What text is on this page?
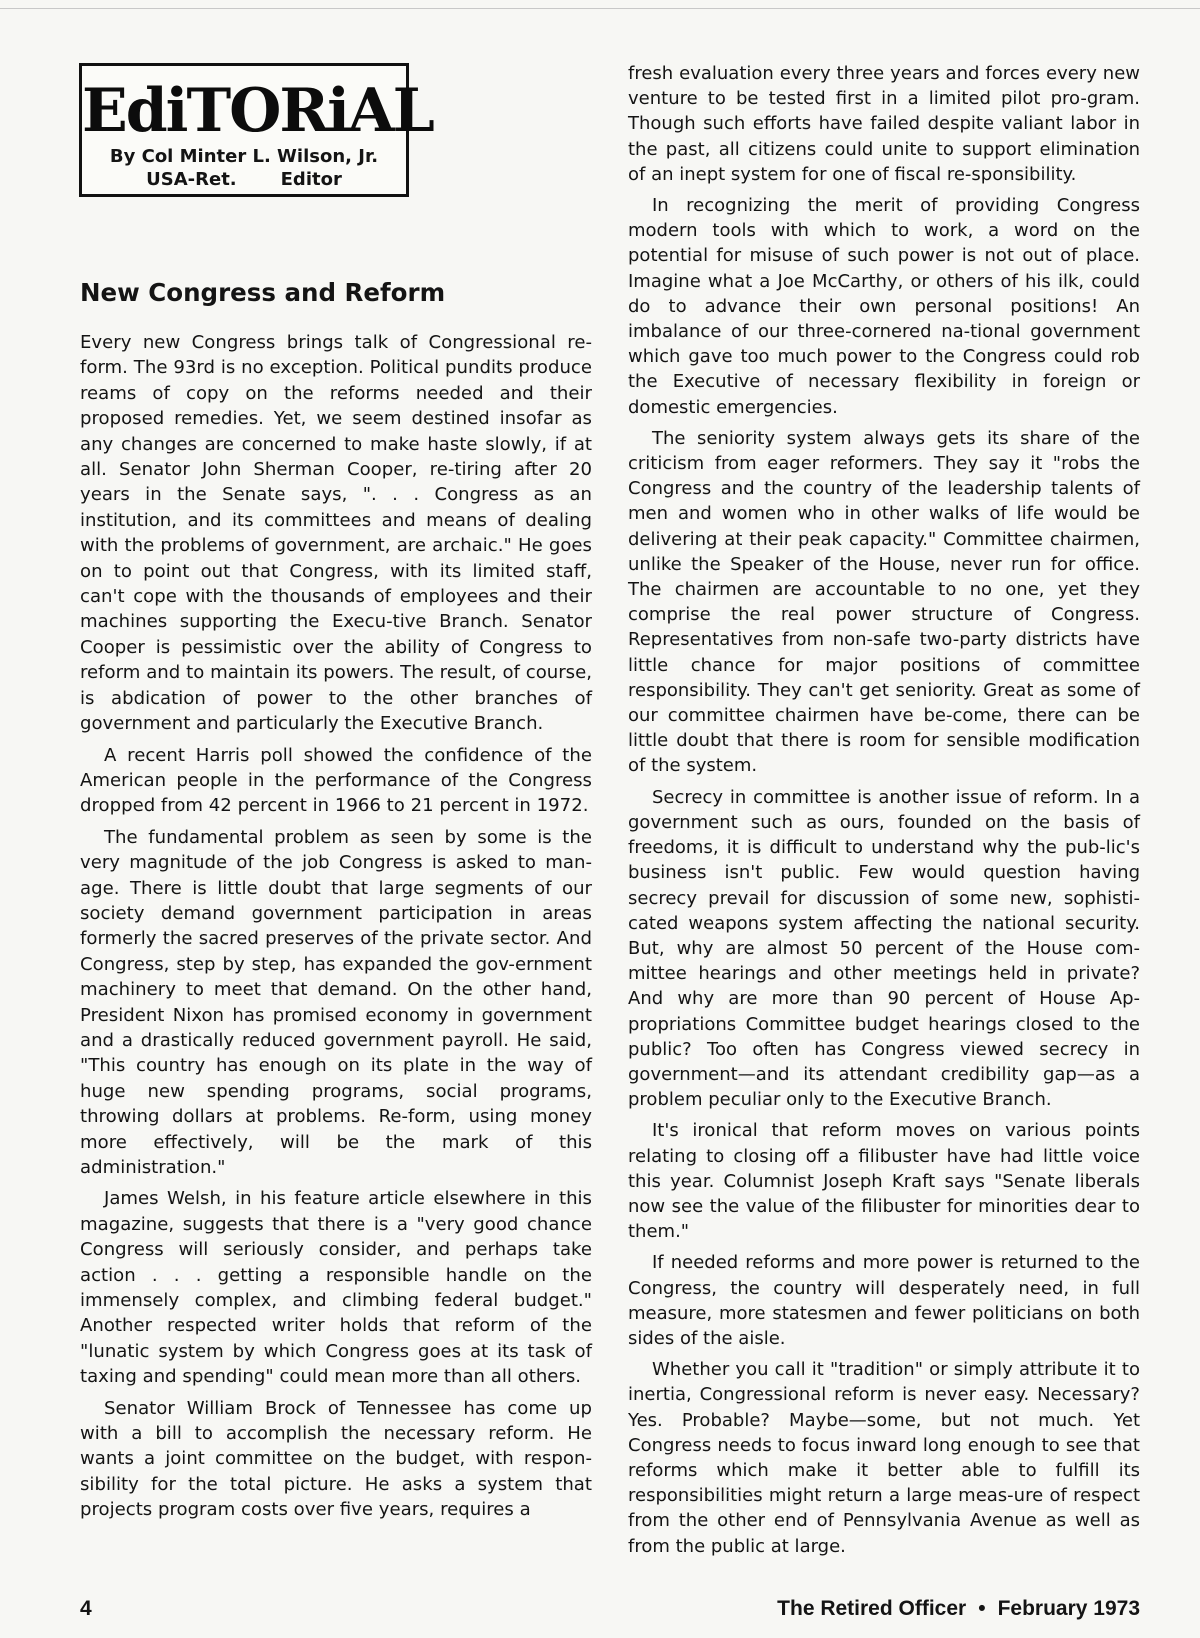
EdiTORiAL
By Col Minter L. Wilson, Jr.
USA-Ret. Editor
New Congress and Reform

Every new Congress brings talk of Congressional re-form. The 93rd is no exception. Political pundits produce reams of copy on the reforms needed and their proposed remedies. Yet, we seem destined insofar as any changes are concerned to make haste slowly, if at all. Senator John Sherman Cooper, re-tiring after 20 years in the Senate says, ". . . Congress as an institution, and its committees and means of dealing with the problems of government, are archaic." He goes on to point out that Congress, with its limited staff, can't cope with the thousands of employees and their machines supporting the Execu-tive Branch. Senator Cooper is pessimistic over the ability of Congress to reform and to maintain its powers. The result, of course, is abdication of power to the other branches of government and particularly the Executive Branch.

A recent Harris poll showed the confidence of the American people in the performance of the Congress dropped from 42 percent in 1966 to 21 percent in 1972.

The fundamental problem as seen by some is the very magnitude of the job Congress is asked to man-age. There is little doubt that large segments of our society demand government participation in areas formerly the sacred preserves of the private sector. And Congress, step by step, has expanded the gov-ernment machinery to meet that demand. On the other hand, President Nixon has promised economy in government and a drastically reduced government payroll. He said, "This country has enough on its plate in the way of huge new spending programs, social programs, throwing dollars at problems. Re-form, using money more effectively, will be the mark of this administration."

James Welsh, in his feature article elsewhere in this magazine, suggests that there is a "very good chance Congress will seriously consider, and perhaps take action . . . getting a responsible handle on the immensely complex, and climbing federal budget." Another respected writer holds that reform of the "lunatic system by which Congress goes at its task of taxing and spending" could mean more than all others.

Senator William Brock of Tennessee has come up with a bill to accomplish the necessary reform. He wants a joint committee on the budget, with respon-sibility for the total picture. He asks a system that projects program costs over five years, requires a

fresh evaluation every three years and forces every new venture to be tested first in a limited pilot pro-gram. Though such efforts have failed despite valiant labor in the past, all citizens could unite to support elimination of an inept system for one of fiscal re-sponsibility.

In recognizing the merit of providing Congress modern tools with which to work, a word on the potential for misuse of such power is not out of place. Imagine what a Joe McCarthy, or others of his ilk, could do to advance their own personal positions! An imbalance of our three-cornered na-tional government which gave too much power to the Congress could rob the Executive of necessary flexibility in foreign or domestic emergencies.

The seniority system always gets its share of the criticism from eager reformers. They say it "robs the Congress and the country of the leadership talents of men and women who in other walks of life would be delivering at their peak capacity." Committee chairmen, unlike the Speaker of the House, never run for office. The chairmen are accountable to no one, yet they comprise the real power structure of Congress. Representatives from non-safe two-party districts have little chance for major positions of committee responsibility. They can't get seniority. Great as some of our committee chairmen have be-come, there can be little doubt that there is room for sensible modification of the system.

Secrecy in committee is another issue of reform. In a government such as ours, founded on the basis of freedoms, it is difficult to understand why the pub-lic's business isn't public. Few would question having secrecy prevail for discussion of some new, sophisti-cated weapons system affecting the national security. But, why are almost 50 percent of the House com-mittee hearings and other meetings held in private? And why are more than 90 percent of House Ap-propriations Committee budget hearings closed to the public? Too often has Congress viewed secrecy in government—and its attendant credibility gap—as a problem peculiar only to the Executive Branch.

It's ironical that reform moves on various points relating to closing off a filibuster have had little voice this year. Columnist Joseph Kraft says "Senate liberals now see the value of the filibuster for minorities dear to them."

If needed reforms and more power is returned to the Congress, the country will desperately need, in full measure, more statesmen and fewer politicians on both sides of the aisle.

Whether you call it "tradition" or simply attribute it to inertia, Congressional reform is never easy. Necessary? Yes. Probable? Maybe—some, but not much. Yet Congress needs to focus inward long enough to see that reforms which make it better able to fulfill its responsibilities might return a large meas-ure of respect from the other end of Pennsylvania Avenue as well as from the public at large.

4	The Retired Officer • February 1973
